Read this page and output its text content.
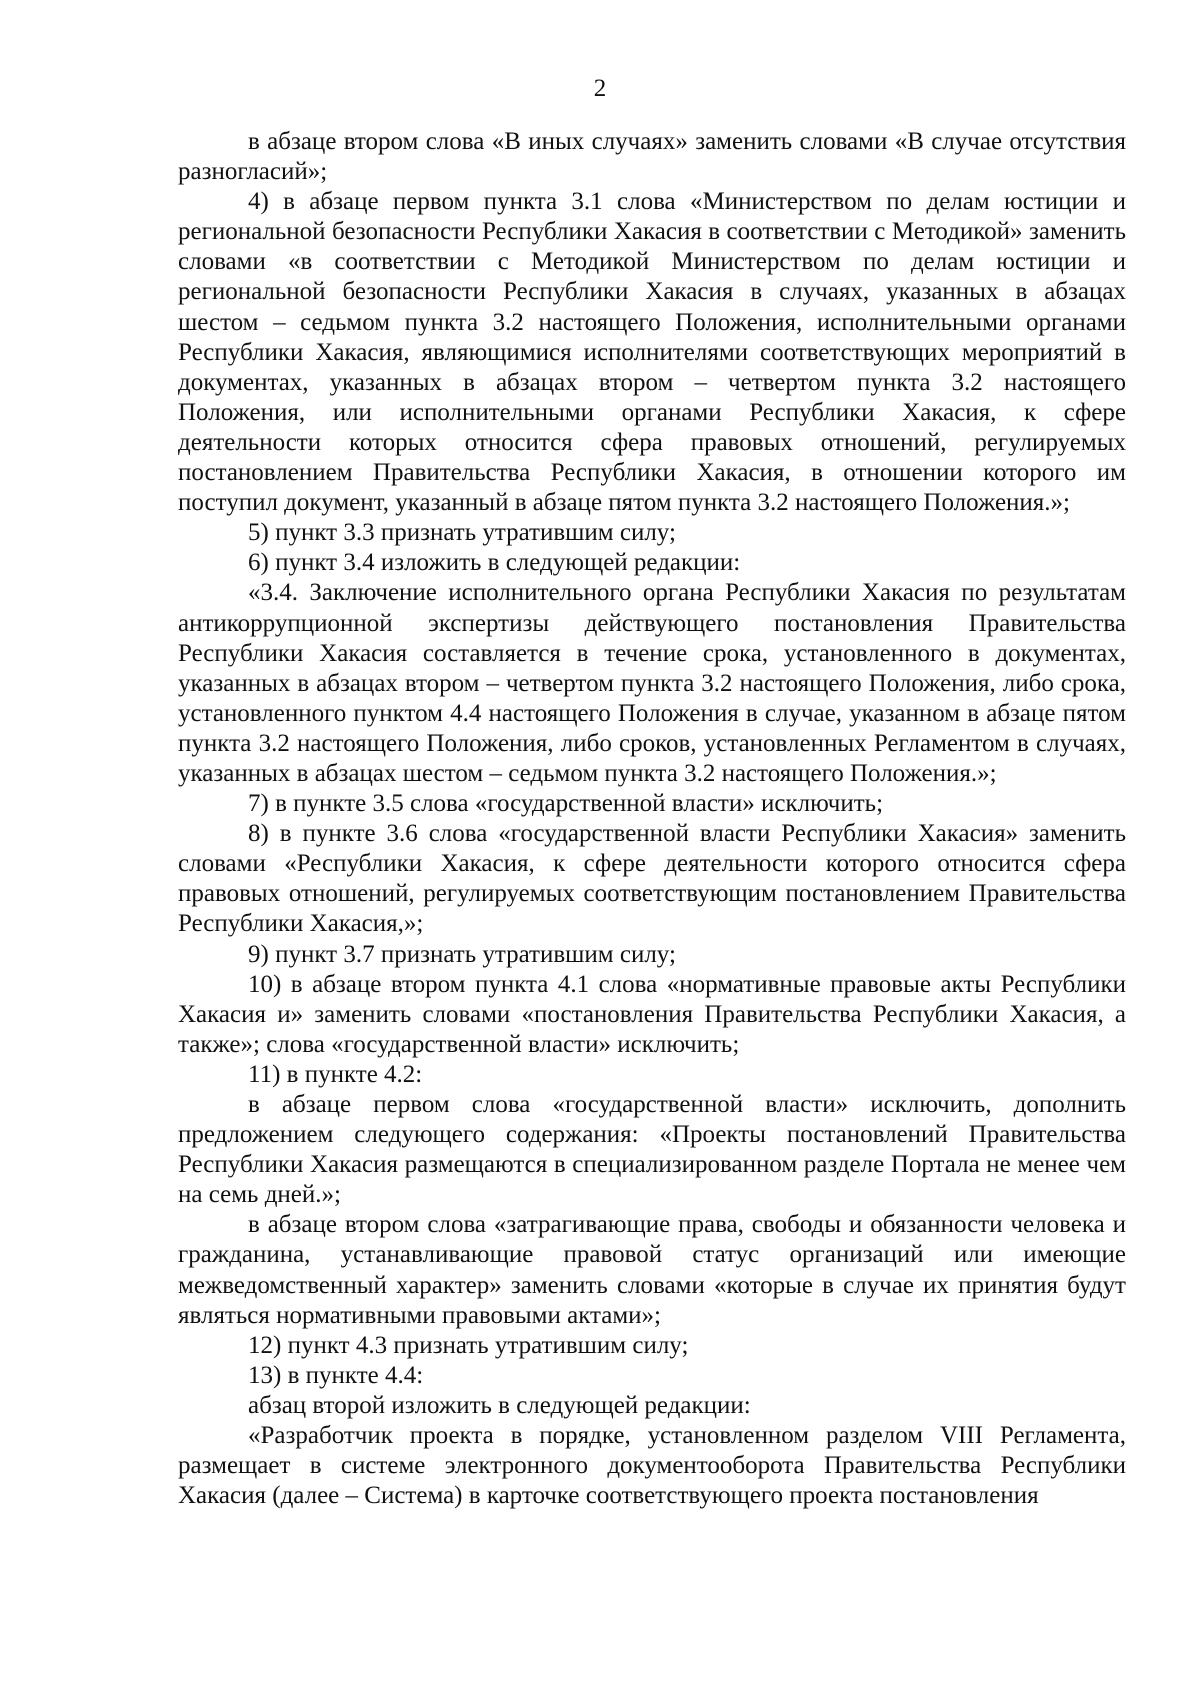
2

в абзаце втором слова «В иных случаях» заменить словами «В случае отсутствия разногласий»;

4) в абзаце первом пункта 3.1 слова «Министерством по делам юстиции и региональной безопасности Республики Хакасия в соответствии с Методикой» заменить словами «в соответствии с Методикой Министерством по делам юстиции и региональной безопасности Республики Хакасия в случаях, указанных в абзацах шестом – седьмом пункта 3.2 настоящего Положения, исполнительными органами Республики Хакасия, являющимися исполнителями соответствующих мероприятий в документах, указанных в абзацах втором – четвертом пункта 3.2 настоящего Положения, или исполнительными органами Республики Хакасия, к сфере деятельности которых относится сфера правовых отношений, регулируемых постановлением Правительства Республики Хакасия, в отношении которого им поступил документ, указанный в абзаце пятом пункта 3.2 настоящего Положения.»;

5) пункт 3.3 признать утратившим силу;

6) пункт 3.4 изложить в следующей редакции:

«3.4. Заключение исполнительного органа Республики Хакасия по результатам антикоррупционной экспертизы действующего постановления Правительства Республики Хакасия составляется в течение срока, установленного в документах, указанных в абзацах втором – четвертом пункта 3.2 настоящего Положения, либо срока, установленного пунктом 4.4 настоящего Положения в случае, указанном в абзаце пятом пункта 3.2 настоящего Положения, либо сроков, установленных Регламентом в случаях, указанных в абзацах шестом – седьмом пункта 3.2 настоящего Положения.»;

7) в пункте 3.5 слова «государственной власти» исключить;

8) в пункте 3.6 слова «государственной власти Республики Хакасия» заменить словами «Республики Хакасия, к сфере деятельности которого относится сфера правовых отношений, регулируемых соответствующим постановлением Правительства Республики Хакасия,»;

9) пункт 3.7 признать утратившим силу;

10) в абзаце втором пункта 4.1 слова «нормативные правовые акты Республики Хакасия и» заменить словами «постановления Правительства Республики Хакасия, а также»; слова «государственной власти» исключить;

11) в пункте 4.2:

в абзаце первом слова «государственной власти» исключить, дополнить предложением следующего содержания: «Проекты постановлений Правительства Республики Хакасия размещаются в специализированном разделе Портала не менее чем на семь дней.»;

в абзаце втором слова «затрагивающие права, свободы и обязанности человека и гражданина, устанавливающие правовой статус организаций или имеющие межведомственный характер» заменить словами «которые в случае их принятия будут являться нормативными правовыми актами»;

12) пункт 4.3 признать утратившим силу;

13) в пункте 4.4:

абзац второй изложить в следующей редакции:

«Разработчик проекта в порядке, установленном разделом VIII Регламента, размещает в системе электронного документооборота Правительства Республики Хакасия (далее – Система) в карточке соответствующего проекта постановления
